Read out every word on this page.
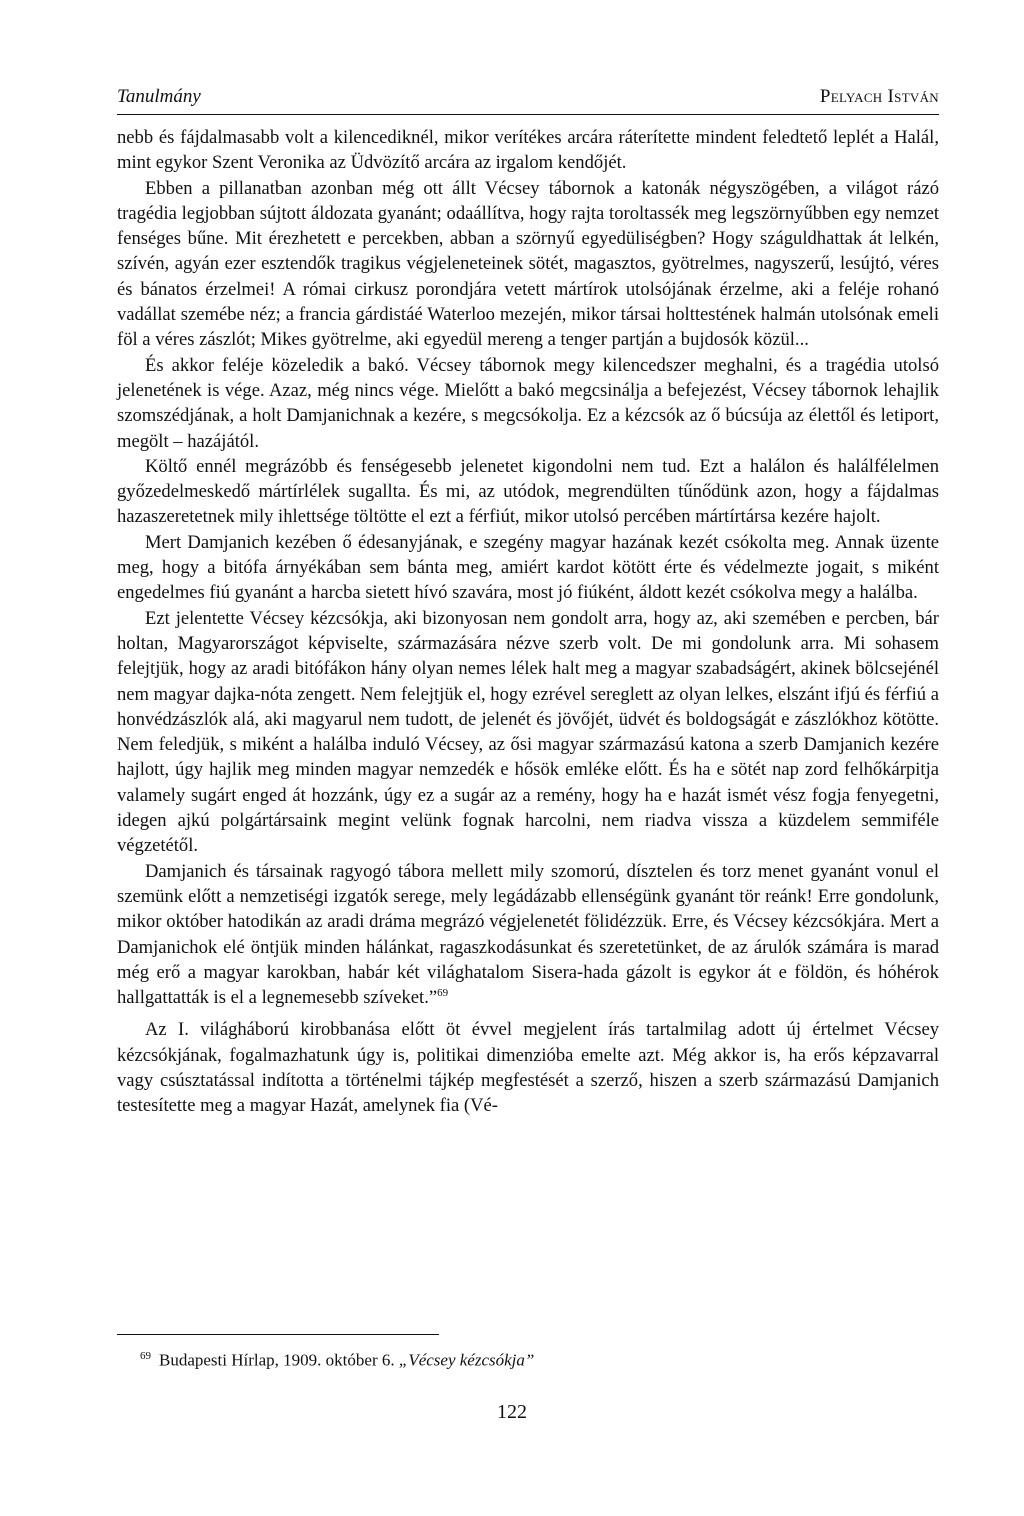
Tanulmány	Pelyach István

nebb és fájdalmasabb volt a kilencediknél, mikor verítékes arcára ráterítette mindent feledtető leplét a Halál, mint egykor Szent Veronika az Üdvözítő arcára az irgalom kendőjét.

Ebben a pillanatban azonban még ott állt Vécsey tábornok a katonák négyszögében, a világot rázó tragédia legjobban sújtott áldozata gyanánt; odaállítva, hogy rajta toroltassék meg legszörnyűbben egy nemzet fenséges bűne. Mit érezhetett e percekben, abban a szörnyű egyedüliségben? Hogy száguldhattak át lelkén, szívén, agyán ezer esztendők tragikus végjeleneteinek sötét, magasztos, gyötrelmes, nagyszerű, lesújtó, véres és bánatos érzelmei! A római cirkusz porondjára vetett mártírok utolsójának érzelme, aki a feléje rohanó vadállat szemébe néz; a francia gárdistáé Waterloo mezején, mikor társai holttestének halmán utolsónak emeli föl a véres zászlót; Mikes gyötrelme, aki egyedül mereng a tenger partján a bujdosók közül...

És akkor feléje közeledik a bakó. Vécsey tábornok megy kilencedszer meghalni, és a tragédia utolsó jelenetének is vége. Azaz, még nincs vége. Mielőtt a bakó megcsinálja a befejezést, Vécsey tábornok lehajlik szomszédjának, a holt Damjanichnak a kezére, s megcsókolja. Ez a kézcsók az ő búcsúja az élettől és letiport, megölt – hazájától.

Költő ennél megrázóbb és fenségesebb jelenetet kigondolni nem tud. Ezt a halálon és halálfélelmen győzedelmeskedő mártírlélek sugallta. És mi, az utódok, megrendülten tűnődünk azon, hogy a fájdalmas hazaszeretetnek mily ihlettsége töltötte el ezt a férfiút, mikor utolsó percében mártírtársa kezére hajolt.

Mert Damjanich kezében ő édesanyjának, e szegény magyar hazának kezét csókolta meg. Annak üzente meg, hogy a bitófa árnyékában sem bánta meg, amiért kardot kötött érte és védelmezte jogait, s miként engedelmes fiú gyanánt a harcba sietett hívó szavára, most jó fiúként, áldott kezét csókolva megy a halálba.

Ezt jelentette Vécsey kézcsókja, aki bizonyosan nem gondolt arra, hogy az, aki szemében e percben, bár holtan, Magyarországot képviselte, származására nézve szerb volt. De mi gondolunk arra. Mi sohasem felejtjük, hogy az aradi bitófákon hány olyan nemes lélek halt meg a magyar szabadságért, akinek bölcsejénél nem magyar dajka-nóta zengett. Nem felejtjük el, hogy ezrével sereglett az olyan lelkes, elszánt ifjú és férfiú a honvédzászlók alá, aki magyarul nem tudott, de jelenét és jövőjét, üdvét és boldogságát e zászlókhoz kötötte. Nem feledjük, s miként a halálba induló Vécsey, az ősi magyar származású katona a szerb Damjanich kezére hajlott, úgy hajlik meg minden magyar nemzedék e hősök emléke előtt. És ha e sötét nap zord felhőkárpitja valamely sugárt enged át hozzánk, úgy ez a sugár az a remény, hogy ha e hazát ismét vész fogja fenyegetni, idegen ajkú polgártársaink megint velünk fognak harcolni, nem riadva vissza a küzdelem semmiféle végzetétől.

Damjanich és társainak ragyogó tábora mellett mily szomorú, dísztelen és torz menet gyanánt vonul el szemünk előtt a nemzetiségi izgatók serege, mely legádázabb ellenségünk gyanánt tör reánk! Erre gondolunk, mikor október hatodikán az aradi dráma megrázó végjelenetét fölidézzük. Erre, és Vécsey kézcsókjára. Mert a Damjanichok elé öntjük minden hálánkat, ragaszkodásunkat és szeretetünket, de az árulók számára is marad még erő a magyar karokban, habár két világhatalom Sisera-hada gázolt is egykor át e földön, és hóhérok hallgattatták is el a legnemesebb szíveket.”$^{69}$

Az I. világháború kirobbanása előtt öt évvel megjelent írás tartalmilag adott új értelmet Vécsey kézcsókjának, fogalmazhatunk úgy is, politikai dimenzióba emelte azt. Még akkor is, ha erős képzavarral vagy csúsztatással indította a történelmi tájkép megfestését a szerző, hiszen a szerb származású Damjanich testesítette meg a magyar Hazát, amelynek fia (Vé-

$^{69}$ Budapesti Hírlap, 1909. október 6. „Vécsey kézcsókja”
122
